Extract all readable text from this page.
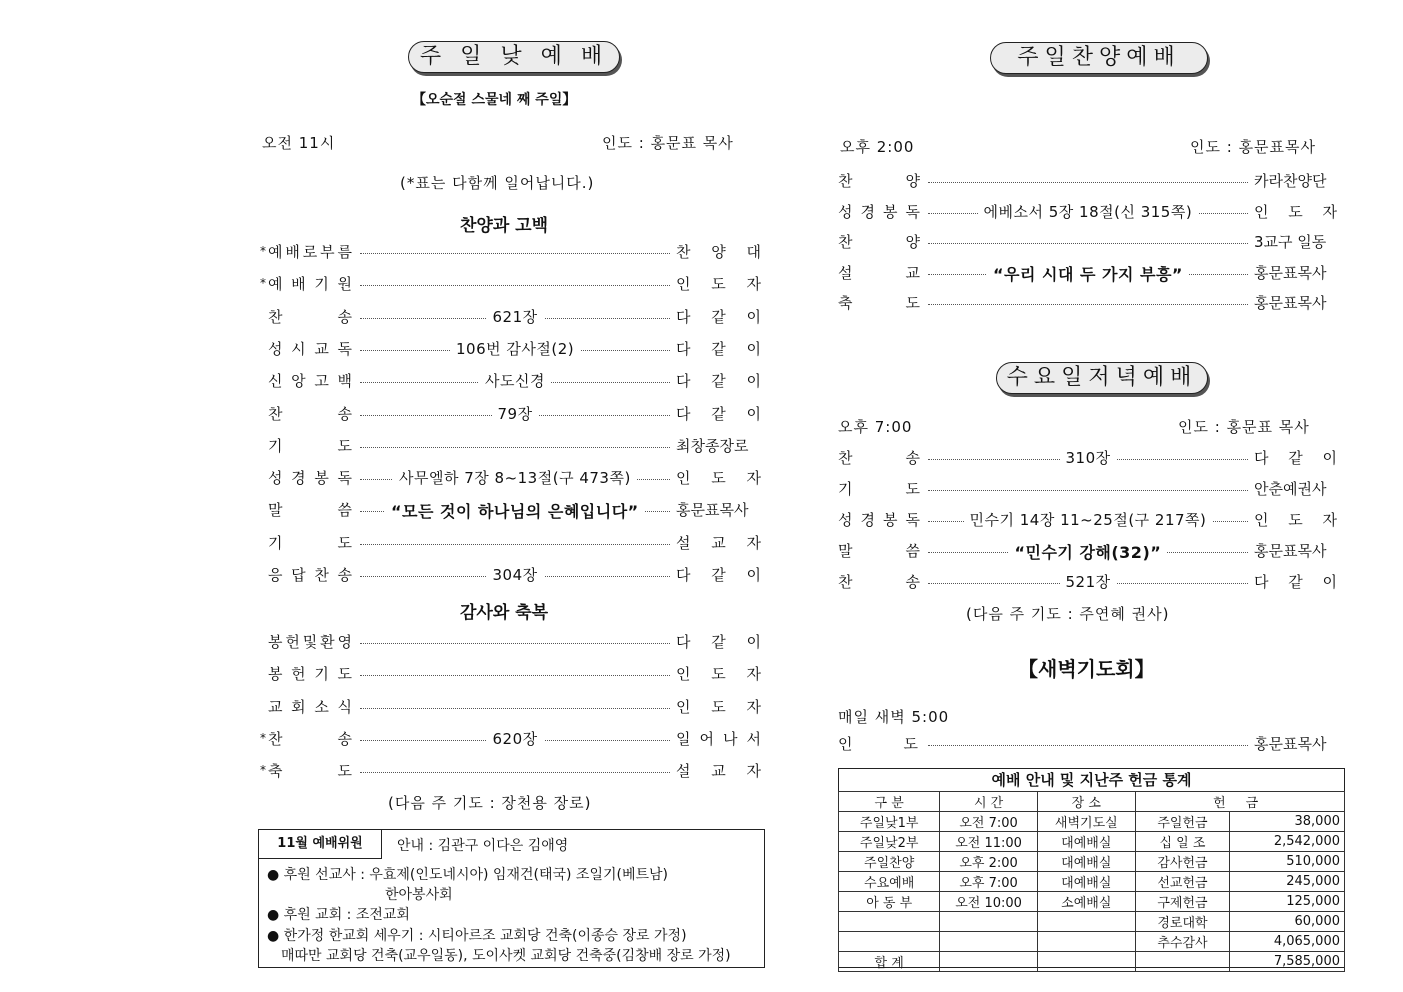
주 일 낮 예 배
【오순절 스물네 째 주일】
오전 11시	인도 : 홍문표 목사
(*표는 다함께 일어납니다.)
찬양과 고백
* 예 배 로 부 름	찬 양 대
* 예 배 기 원	인 도 자
찬	송	621장	다 같 이
성 시 교 독	106번 감사절(2)	다 같 이
신 앙 고 백	사도신경	다 같 이
찬	송	79장	다 같 이
기	도	최창종장로
성 경 봉 독	사무엘하 7장 8~13절(구 473쪽)	인 도 자
말	씀	“모든 것이 하나님의 은혜입니다”	홍문표목사
기	도	설 교 자
응 답 찬 송	304장	다 같 이
감사와 축복
봉 헌 및 환 영	다 같 이
봉 헌 기 도	인 도 자
교 회 소 식	인 도 자
* 찬	송	620장	일 어 나 서
* 축	도	설 교 자
(다음 주 기도 : 장천용 장로)
11월 예배위원	안내 : 김관구 이다은 김애영
● 후원 선교사 : 우효제(인도네시아) 임재건(태국) 조일기(베트남)
한아봉사회
● 후원 교회 : 조전교회
● 한가정 한교회 세우기 : 시티아르조 교회당 건축(이종승 장로 가정)
매따만 교회당 건축(교우일동), 도이사켓 교회당 건축중(김창배 장로 가정)
주일찬양예배
오후 2:00	인도 : 홍문표목사
찬	양	카라찬양단
성 경 봉 독	에베소서 5장 18절(신 315쪽)	인 도 자
찬	양	3교구 일동
설	교	“우리 시대 두 가지 부흥”	홍문표목사
축	도	홍문표목사
수요일저녁예배
오후 7:00	인도 : 홍문표 목사
찬	송	310장	다 같 이
기	도	안춘예권사
성 경 봉 독	민수기 14장 11~25절(구 217쪽)	인 도 자
말	씀	“민수기 강해(32)”	홍문표목사
찬	송	521장	다 같 이
(다음 주 기도 : 주연혜 권사)
【새벽기도회】
매일 새벽 5:00
인	도	홍문표목사
예배 안내 및 지난주 헌금 통계
구 분	시 간	장 소	헌	금
주일낮1부	오전 7:00	새벽기도실	주일헌금	38,000
주일낮2부	오전 11:00	대예배실	십 일 조	2,542,000
주일찬양	오후 2:00	대예배실	감사헌금	510,000
수요예배	오후 7:00	대예배실	선교헌금	245,000
아 동 부	오전 10:00	소예배실	구제헌금	125,000
			경로대학	60,000
			추수감사	4,065,000
합 계				7,585,000
